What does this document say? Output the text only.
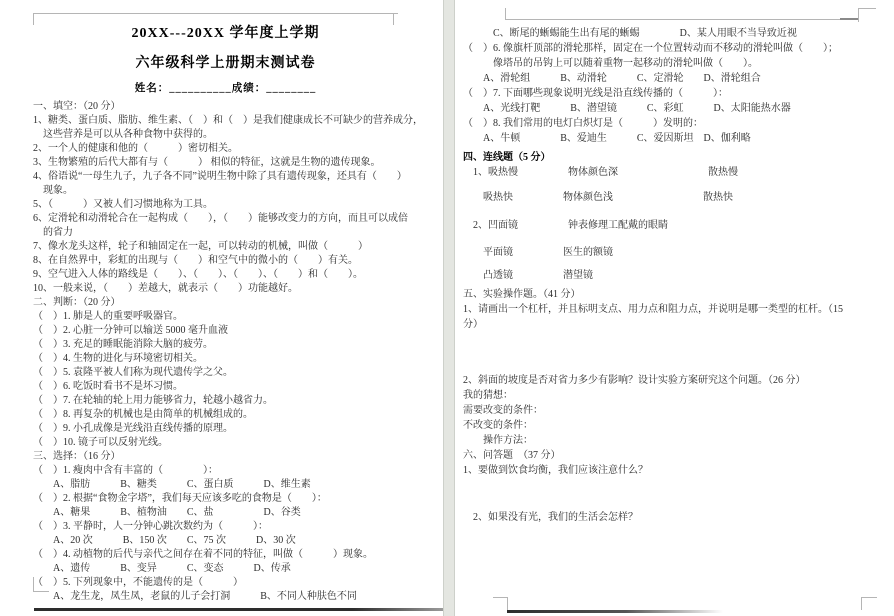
20XX---20XX 学年度上学期
六年级科学上册期末测试卷
姓名：__________成绩：________
一、填空：（20 分）
1、糖类、蛋白质、脂肪、维生素、（　）和（　）是我们健康成长不可缺少的营养成分，
　这些营养是可以从各种食物中获得的。
2、一个人的健康和他的（　　　）密切相关。
3、生物繁殖的后代大都有与（　　　） 相似的特征，这就是生物的遗传现象。
4、俗语说“一母生九子，九子各不同”说明生物中除了具有遗传现象，还具有（　　）
　现象。
5、（　　　）又被人们习惯地称为工具。
6、定滑轮和动滑轮合在一起构成（　　），（　　）能够改变力的方向，而且可以成倍
　的省力
7、像水龙头这样，轮子和轴固定在一起，可以转动的机械，叫做（　　　）
8、在自然界中，彩虹的出现与（　　）和空气中的微小的（　　）有关。
9、空气进入人体的路线是（　　）、（　　）、（　　）、（　　）和（　　）。
10、一般来说，（　　）差越大，就表示（　　）功能越好。
二、判断：（20 分）
（　）1. 肺是人的重要呼吸器官。
（　）2. 心脏一分钟可以输送 5000 毫升血液
（　）3. 充足的睡眠能消除大脑的疲劳。
（　）4. 生物的进化与环境密切相关。
（　）5. 袁隆平被人们称为现代遗传学之父。
（　）6. 吃饭时看书不是坏习惯。
（　）7. 在轮轴的轮上用力能够省力，轮越小越省力。
（　）8. 再复杂的机械也是由简单的机械组成的。
（　）9. 小孔成像是光线沿直线传播的原理。
（　）10. 镜子可以反射光线。
三、选择：（16 分）
（　）1. 瘦肉中含有丰富的（　　　　）：
　　A、脂肪　　　B、糖类　　　C、蛋白质　　　D、维生素
（　）2. 根据“食物金字塔”，我们每天应该多吃的食物是（　　）：
　　A、糖果　　　B、植物油　　C、盐　　　　　D、谷类
（　）3. 平静时，人一分钟心跳次数约为（　　　）：
　　A、20 次　　　B、150 次　　C、75 次　　　D、30 次
（　）4. 动植物的后代与亲代之间存在着不同的特征，叫做（　　　）现象。
　　A、遗传　　　B、变异　　　C、变态　　　D、传承
（　）5. 下列现象中，不能遗传的是（　　　）
　　A、龙生龙，凤生凤，老鼠的儿子会打洞　　　B、不同人种肤色不同
　　　C、断尾的蜥蜴能生出有尾的蜥蜴　　　　D、某人用眼不当导致近视
（　）6. 像旗杆顶部的滑轮那样，固定在一个位置转动而不移动的滑轮叫做（　　）；
　　　像塔吊的吊钩上可以随着重物一起移动的滑轮叫做（　　）。
　　A、滑轮组　　　B、动滑轮　　　C、定滑轮　　D、滑轮组合
（　）7. 下面哪些现象说明光线是沿直线传播的（　　　）：
　　A、光线打靶　　　B、潜望镜　　　C、彩虹　　　D、太阳能热水器
（　）8. 我们常用的电灯白炽灯是（　　　）发明的：
　　A、牛顿　　　　B、爱迪生　　　C、爱因斯坦　D、伽利略
四、连线题（5 分）
　1、吸热慢　　　　　物体颜色深　　　　　　　　　散热慢
　　吸热快　　　　　物体颜色浅　　　　　　　　　散热快
　2、凹面镜　　　　　钟表修理工配戴的眼睛
　　平面镜　　　　　医生的额镜
　　凸透镜　　　　　潜望镜
五、实验操作题。（41 分）
1、请画出一个杠杆，并且标明支点、用力点和阻力点，并说明是哪一类型的杠杆。（15
分）
2、斜面的坡度是否对省力多少有影响？设计实验方案研究这个问题。（26 分）
我的猜想：
需要改变的条件：
不改变的条件：
　　操作方法：
六、问答题　（37 分）
1、要做到饮食均衡，我们应该注意什么？
　2、如果没有光，我们的生活会怎样？
